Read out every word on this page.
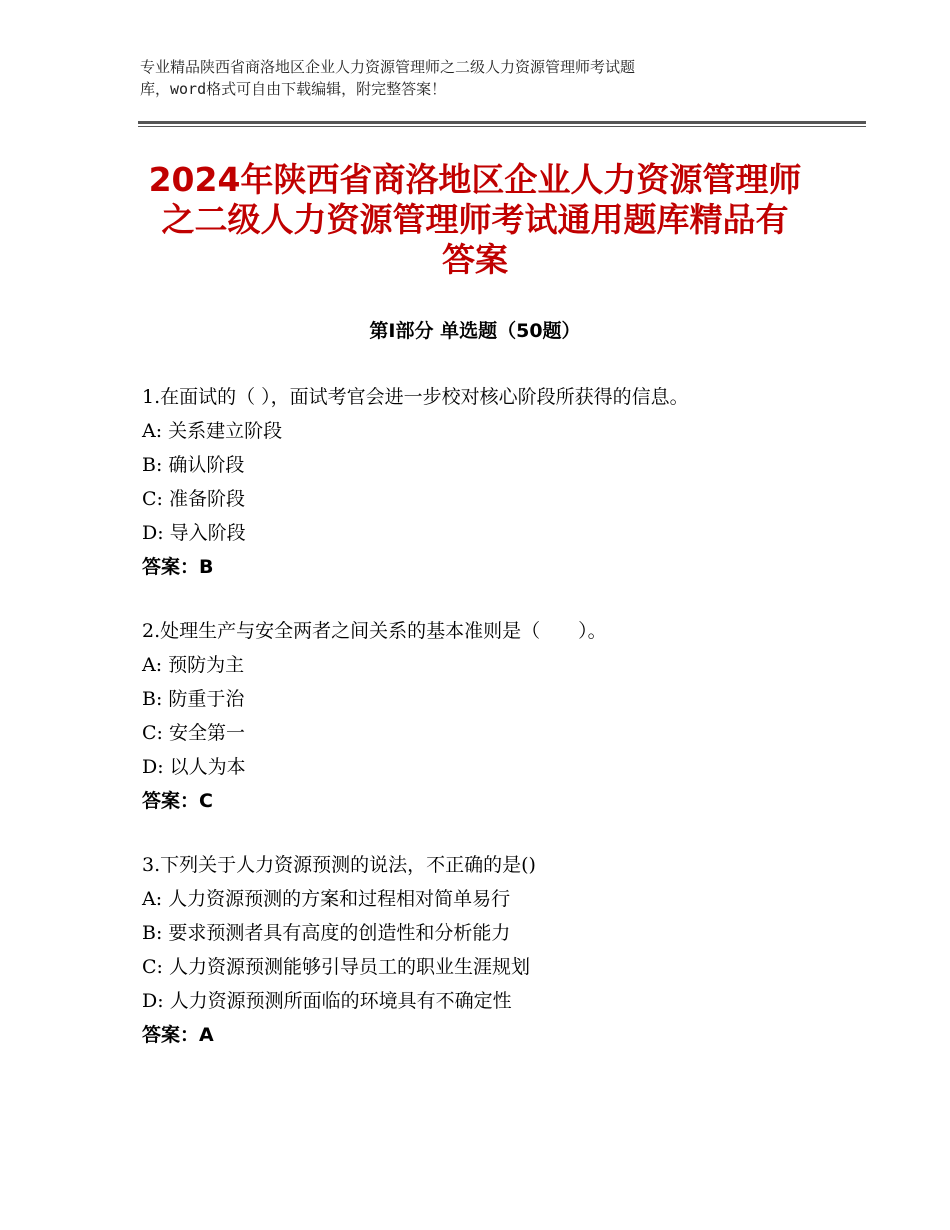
专业精品陕西省商洛地区企业人力资源管理师之二级人力资源管理师考试题
库，word格式可自由下载编辑，附完整答案！
2024年陕西省商洛地区企业人力资源管理师
之二级人力资源管理师考试通用题库精品有
答案
第Ⅰ部分 单选题（50题）
1.在面试的（ ），面试考官会进一步校对核心阶段所获得的信息。
A: 关系建立阶段
B: 确认阶段
C: 准备阶段
D: 导入阶段
答案：B
2.处理生产与安全两者之间关系的基本准则是（　　）。
A: 预防为主
B: 防重于治
C: 安全第一
D: 以人为本
答案：C
3.下列关于人力资源预测的说法，不正确的是()
A: 人力资源预测的方案和过程相对简单易行
B: 要求预测者具有高度的创造性和分析能力
C: 人力资源预测能够引导员工的职业生涯规划
D: 人力资源预测所面临的环境具有不确定性
答案：A
